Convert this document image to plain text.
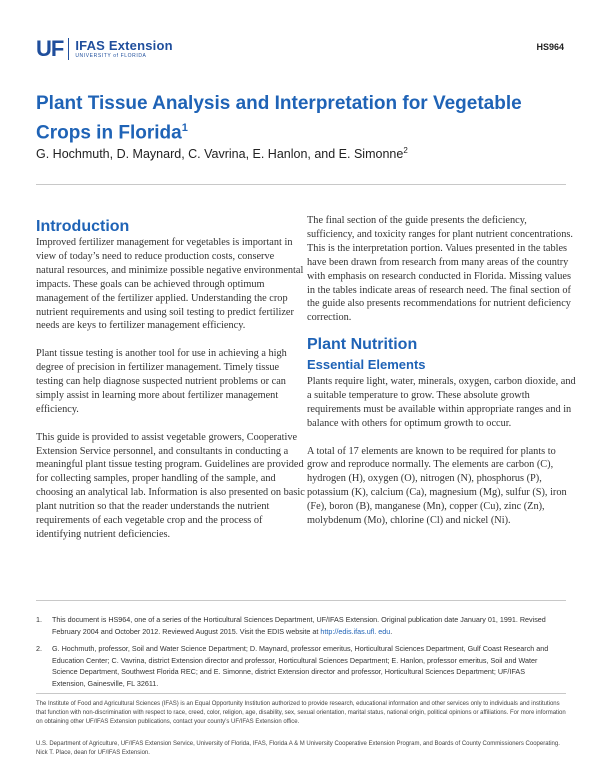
UF IFAS Extension
UNIVERSITY of FLORIDA
HS964
Plant Tissue Analysis and Interpretation for Vegetable Crops in Florida$^1$
G. Hochmuth, D. Maynard, C. Vavrina, E. Hanlon, and E. Simonne$^2$
Introduction

Improved fertilizer management for vegetables is important in view of today’s need to reduce production costs, conserve natural resources, and minimize possible negative environmental impacts. These goals can be achieved through optimum management of the fertilizer applied. Understanding the crop nutrient requirements and using soil testing to predict fertilizer needs are keys to fertilizer management efficiency.

Plant tissue testing is another tool for use in achieving a high degree of precision in fertilizer management. Timely tissue testing can help diagnose suspected nutrient problems or can simply assist in learning more about fertilizer management efficiency.

This guide is provided to assist vegetable growers, Cooperative Extension Service personnel, and consultants in conducting a meaningful plant tissue testing program. Guidelines are provided for collecting samples, proper handling of the sample, and choosing an analytical lab. Information is also presented on basic plant nutrition so that the reader understands the nutrient requirements of each vegetable crop and the process of identifying nutrient deficiencies.

The final section of the guide presents the deficiency, sufficiency, and toxicity ranges for plant nutrient concentrations. This is the interpretation portion. Values presented in the tables have been drawn from research from many areas of the country with emphasis on research conducted in Florida. Missing values in the tables indicate areas of research need. The final section of the guide also presents recommendations for nutrient deficiency correction.

Plant Nutrition
Essential Elements

Plants require light, water, minerals, oxygen, carbon dioxide, and a suitable temperature to grow. These absolute growth requirements must be available within appropriate ranges and in balance with others for optimum growth to occur.

A total of 17 elements are known to be required for plants to grow and reproduce normally. The elements are carbon (C), hydrogen (H), oxygen (O), nitrogen (N), phosphorus (P), potassium (K), calcium (Ca), magnesium (Mg), sulfur (S), iron (Fe), boron (B), manganese (Mn), copper (Cu), zinc (Zn), molybdenum (Mo), chlorine (Cl) and nickel (Ni).

1. This document is HS964, one of a series of the Horticultural Sciences Department, UF/IFAS Extension. Original publication date January 01, 1991. Revised February 2004 and October 2012. Reviewed August 2015. Visit the EDIS website at http://edis.ifas.ufl. edu.
2. G. Hochmuth, professor, Soil and Water Science Department; D. Maynard, professor emeritus, Horticultural Sciences Department, Gulf Coast Research and Education Center; C. Vavrina, district Extension director and professor, Horticultural Sciences Department; E. Hanlon, professor emeritus, Soil and Water Science Department, Southwest Florida REC; and E. Simonne, district Extension director and professor, Horticultural Sciences Department; UF/IFAS Extension, Gainesville, FL 32611.
The Institute of Food and Agricultural Sciences (IFAS) is an Equal Opportunity Institution authorized to provide research, educational information and other services only to individuals and institutions that function with non-discrimination with respect to race, creed, color, religion, age, disability, sex, sexual orientation, marital status, national origin, political opinions or affiliations. For more information on obtaining other UF/IFAS Extension publications, contact your county’s UF/IFAS Extension office.
U.S. Department of Agriculture, UF/IFAS Extension Service, University of Florida, IFAS, Florida A & M University Cooperative Extension Program, and Boards of County Commissioners Cooperating. Nick T. Place, dean for UF/IFAS Extension.
